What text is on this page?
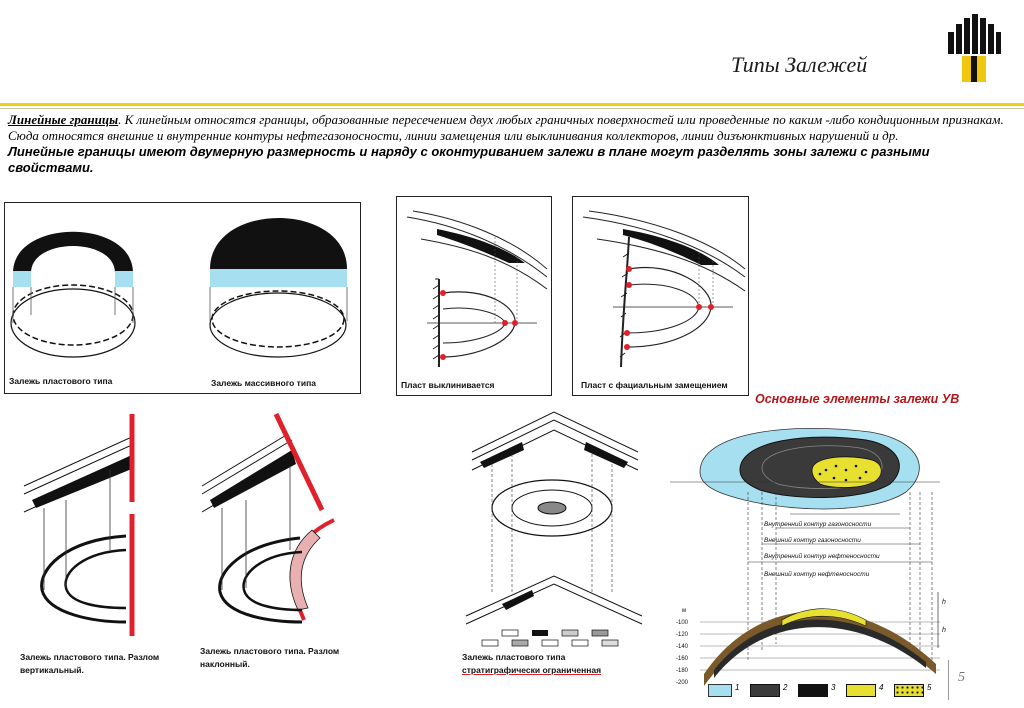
Типы Залежей

Линейные границы. К линейным относятся границы, образованные пересечением двух любых граничных поверхностей или проведенные по каким -либо кондиционным признакам. Сюда относятся внешние и внутренние контуры нефтегазоносности, линии замещения или выклинивания коллекторов, линии дизъюнктивных нарушений и др.

Линейные границы имеют двумерную размерность и наряду с оконтуриванием залежи в плане могут разделять зоны залежи с разными свойствами.

Залежь пластового типа	Залежь массивного типа	Пласт выклинивается	Пласт с фациальным замещением
Основные элементы залежи УВ
Залежь пластового типа. Разлом
вертикальный.
Залежь пластового типа. Разлом
наклонный.
Залежь пластового типа
стратиграфически ограниченная
Внутренний контур газоносности
Внешний контур газоносности
Внутренний контур нефтеносности
Внешний контур нефтеносности
м
-100
-120
-140
-160
-180
-200
h
h
1	2	3	4	5
5
